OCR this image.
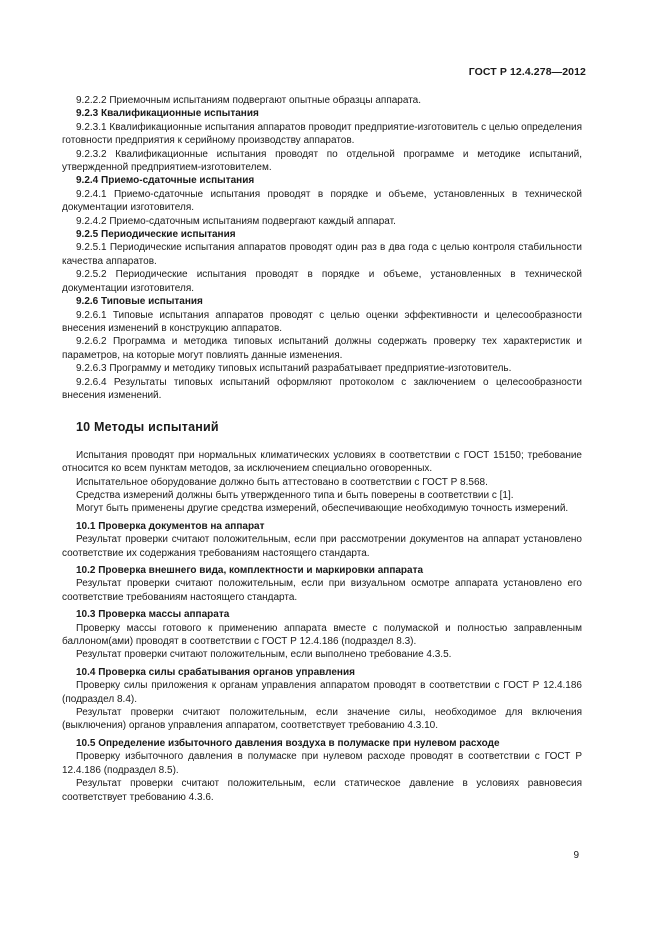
ГОСТ Р 12.4.278—2012

9.2.2.2 Приемочным испытаниям подвергают опытные образцы аппарата.

9.2.3 Квалификационные испытания

9.2.3.1 Квалификационные испытания аппаратов проводит предприятие-изготовитель с целью определения готовности предприятия к серийному производству аппаратов.

9.2.3.2 Квалификационные испытания проводят по отдельной программе и методике испытаний, утвержденной предприятием-изготовителем.

9.2.4 Приемо-сдаточные испытания

9.2.4.1 Приемо-сдаточные испытания проводят в порядке и объеме, установленных в технической документации изготовителя.

9.2.4.2 Приемо-сдаточным испытаниям подвергают каждый аппарат.

9.2.5 Периодические испытания

9.2.5.1 Периодические испытания аппаратов проводят один раз в два года с целью контроля стабильности качества аппаратов.

9.2.5.2 Периодические испытания проводят в порядке и объеме, установленных в технической документации изготовителя.

9.2.6 Типовые испытания

9.2.6.1 Типовые испытания аппаратов проводят с целью оценки эффективности и целесообразности внесения изменений в конструкцию аппаратов.

9.2.6.2 Программа и методика типовых испытаний должны содержать проверку тех характеристик и параметров, на которые могут повлиять данные изменения.

9.2.6.3 Программу и методику типовых испытаний разрабатывает предприятие-изготовитель.

9.2.6.4 Результаты типовых испытаний оформляют протоколом с заключением о целесообразности внесения изменений.

10 Методы испытаний

Испытания проводят при нормальных климатических условиях в соответствии с ГОСТ 15150; требование относится ко всем пунктам методов, за исключением специально оговоренных.

Испытательное оборудование должно быть аттестовано в соответствии с ГОСТ Р 8.568.

Средства измерений должны быть утвержденного типа и быть поверены в соответствии с [1].

Могут быть применены другие средства измерений, обеспечивающие необходимую точность измерений.

10.1 Проверка документов на аппарат

Результат проверки считают положительным, если при рассмотрении документов на аппарат установлено соответствие их содержания требованиям настоящего стандарта.

10.2 Проверка внешнего вида, комплектности и маркировки аппарата

Результат проверки считают положительным, если при визуальном осмотре аппарата установлено его соответствие требованиям настоящего стандарта.

10.3 Проверка массы аппарата

Проверку массы готового к применению аппарата вместе с полумаской и полностью заправленным баллоном(ами) проводят в соответствии с ГОСТ Р 12.4.186 (подраздел 8.3).

Результат проверки считают положительным, если выполнено требование 4.3.5.

10.4 Проверка силы срабатывания органов управления

Проверку силы приложения к органам управления аппаратом проводят в соответствии с ГОСТ Р 12.4.186 (подраздел 8.4).

Результат проверки считают положительным, если значение силы, необходимое для включения (выключения) органов управления аппаратом, соответствует требованию 4.3.10.

10.5 Определение избыточного давления воздуха в полумаске при нулевом расходе

Проверку избыточного давления в полумаске при нулевом расходе проводят в соответствии с ГОСТ Р 12.4.186 (подраздел 8.5).

Результат проверки считают положительным, если статическое давление в условиях равновесия соответствует требованию 4.3.6.

9
